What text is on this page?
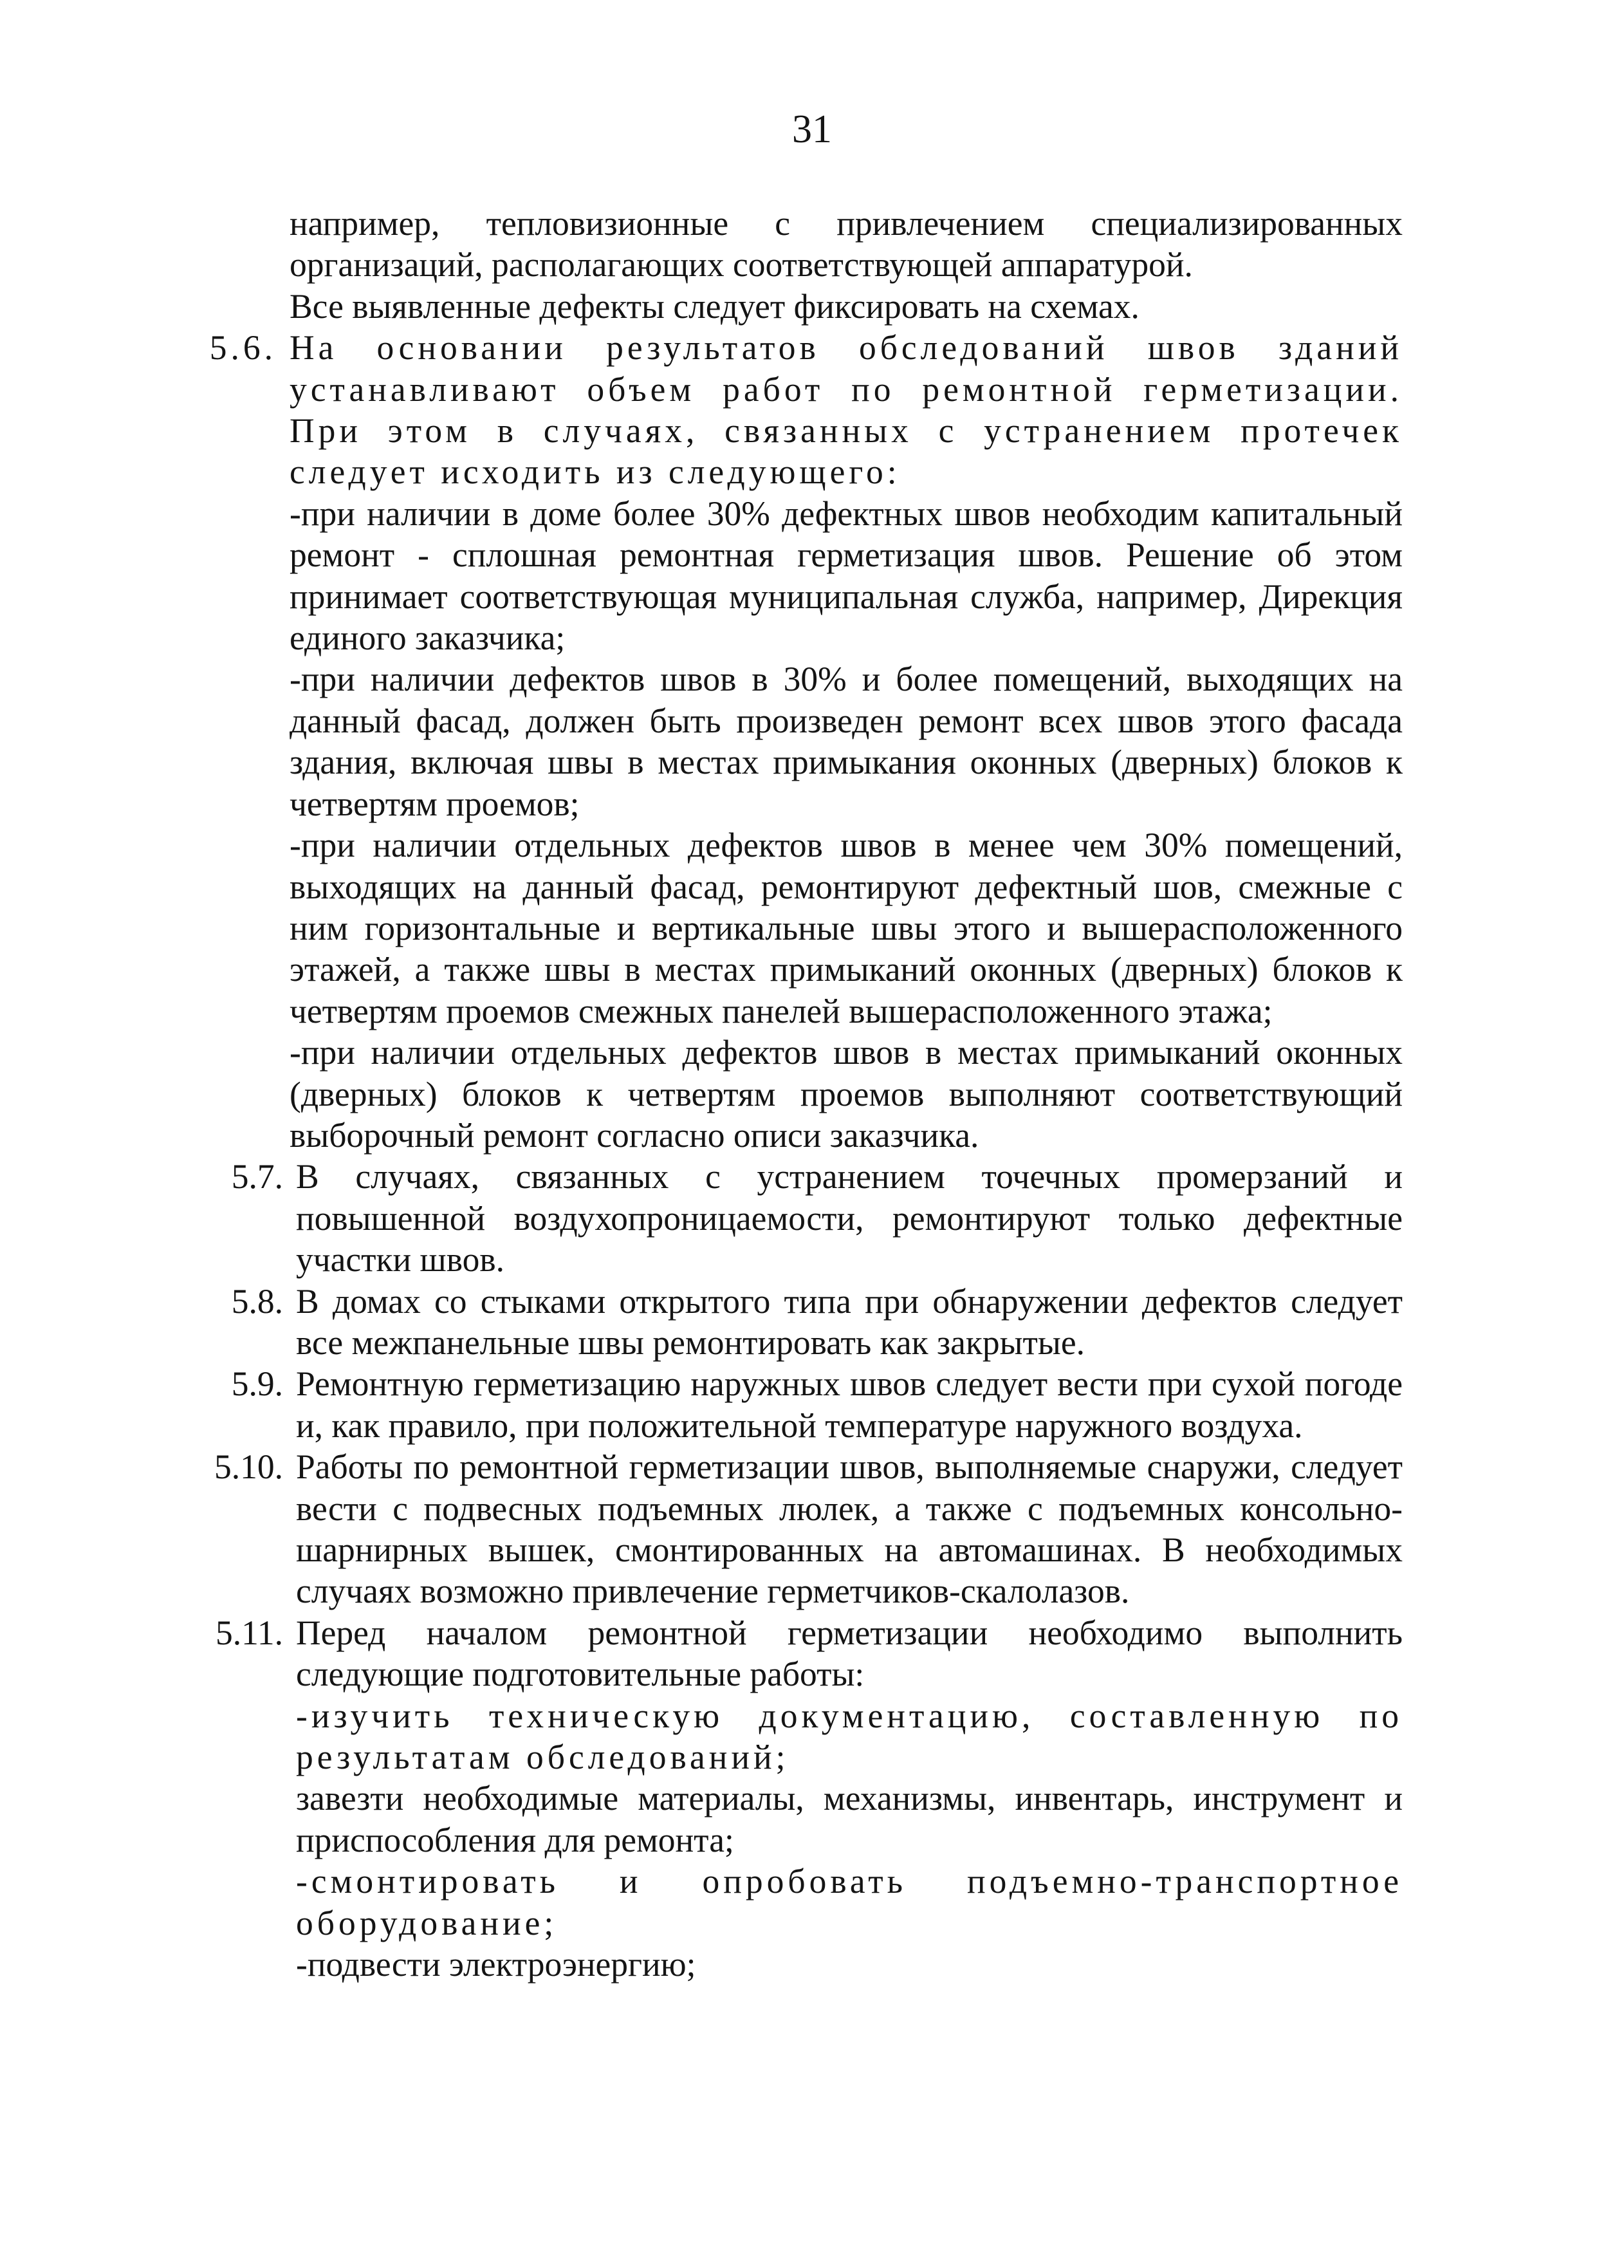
31

например, тепловизионные с привлечением специализированных организаций, располагающих соответствующей аппаратурой.

Все выявленные дефекты следует фиксировать на схемах.

5.6. На основании результатов обследований швов зданий устанавливают объем работ по ремонтной герметизации. При этом в случаях, связанных с устранением протечек следует исходить из следующего:

-при наличии в доме более 30% дефектных швов необходим капитальный ремонт - сплошная ремонтная герметизация швов. Решение об этом принимает соответствующая муниципальная служба, например, Дирекция единого заказчика;

-при наличии дефектов швов в 30% и более помещений, выходящих на данный фасад, должен быть произведен ремонт всех швов этого фасада здания, включая швы в местах примыкания оконных (дверных) блоков к четвертям проемов;

-при наличии отдельных дефектов швов в менее чем 30% помещений, выходящих на данный фасад, ремонтируют дефектный шов, смежные с ним горизонтальные и вертикальные швы этого и вышерасположенного этажей, а также швы в местах примыканий оконных (дверных) блоков к четвертям проемов смежных панелей вышерасположенного этажа;

-при наличии отдельных дефектов швов в местах примыканий оконных (дверных) блоков к четвертям проемов выполняют соответствующий выборочный ремонт согласно описи заказчика.

5.7. В случаях, связанных с устранением точечных промерзаний и повышенной воздухопроницаемости, ремонтируют только дефектные участки швов.

5.8. В домах со стыками открытого типа при обнаружении дефектов следует все межпанельные швы ремонтировать как закрытые.

5.9. Ремонтную герметизацию наружных швов следует вести при сухой погоде и, как правило, при положительной температуре наружного воздуха.

5.10. Работы по ремонтной герметизации швов, выполняемые снаружи, следует вести с подвесных подъемных люлек, а также с подъемных консольно-шарнирных вышек, смонтированных на автомашинах. В необходимых случаях возможно привлечение герметчиков-скалолазов.

5.11. Перед началом ремонтной герметизации необходимо выполнить следующие подготовительные работы:

-изучить техническую документацию, составленную по результатам обследований;

завезти необходимые материалы, механизмы, инвентарь, инструмент и приспособления для ремонта;

-смонтировать и опробовать подъемно-транспортное оборудование;

-подвести электроэнергию;
